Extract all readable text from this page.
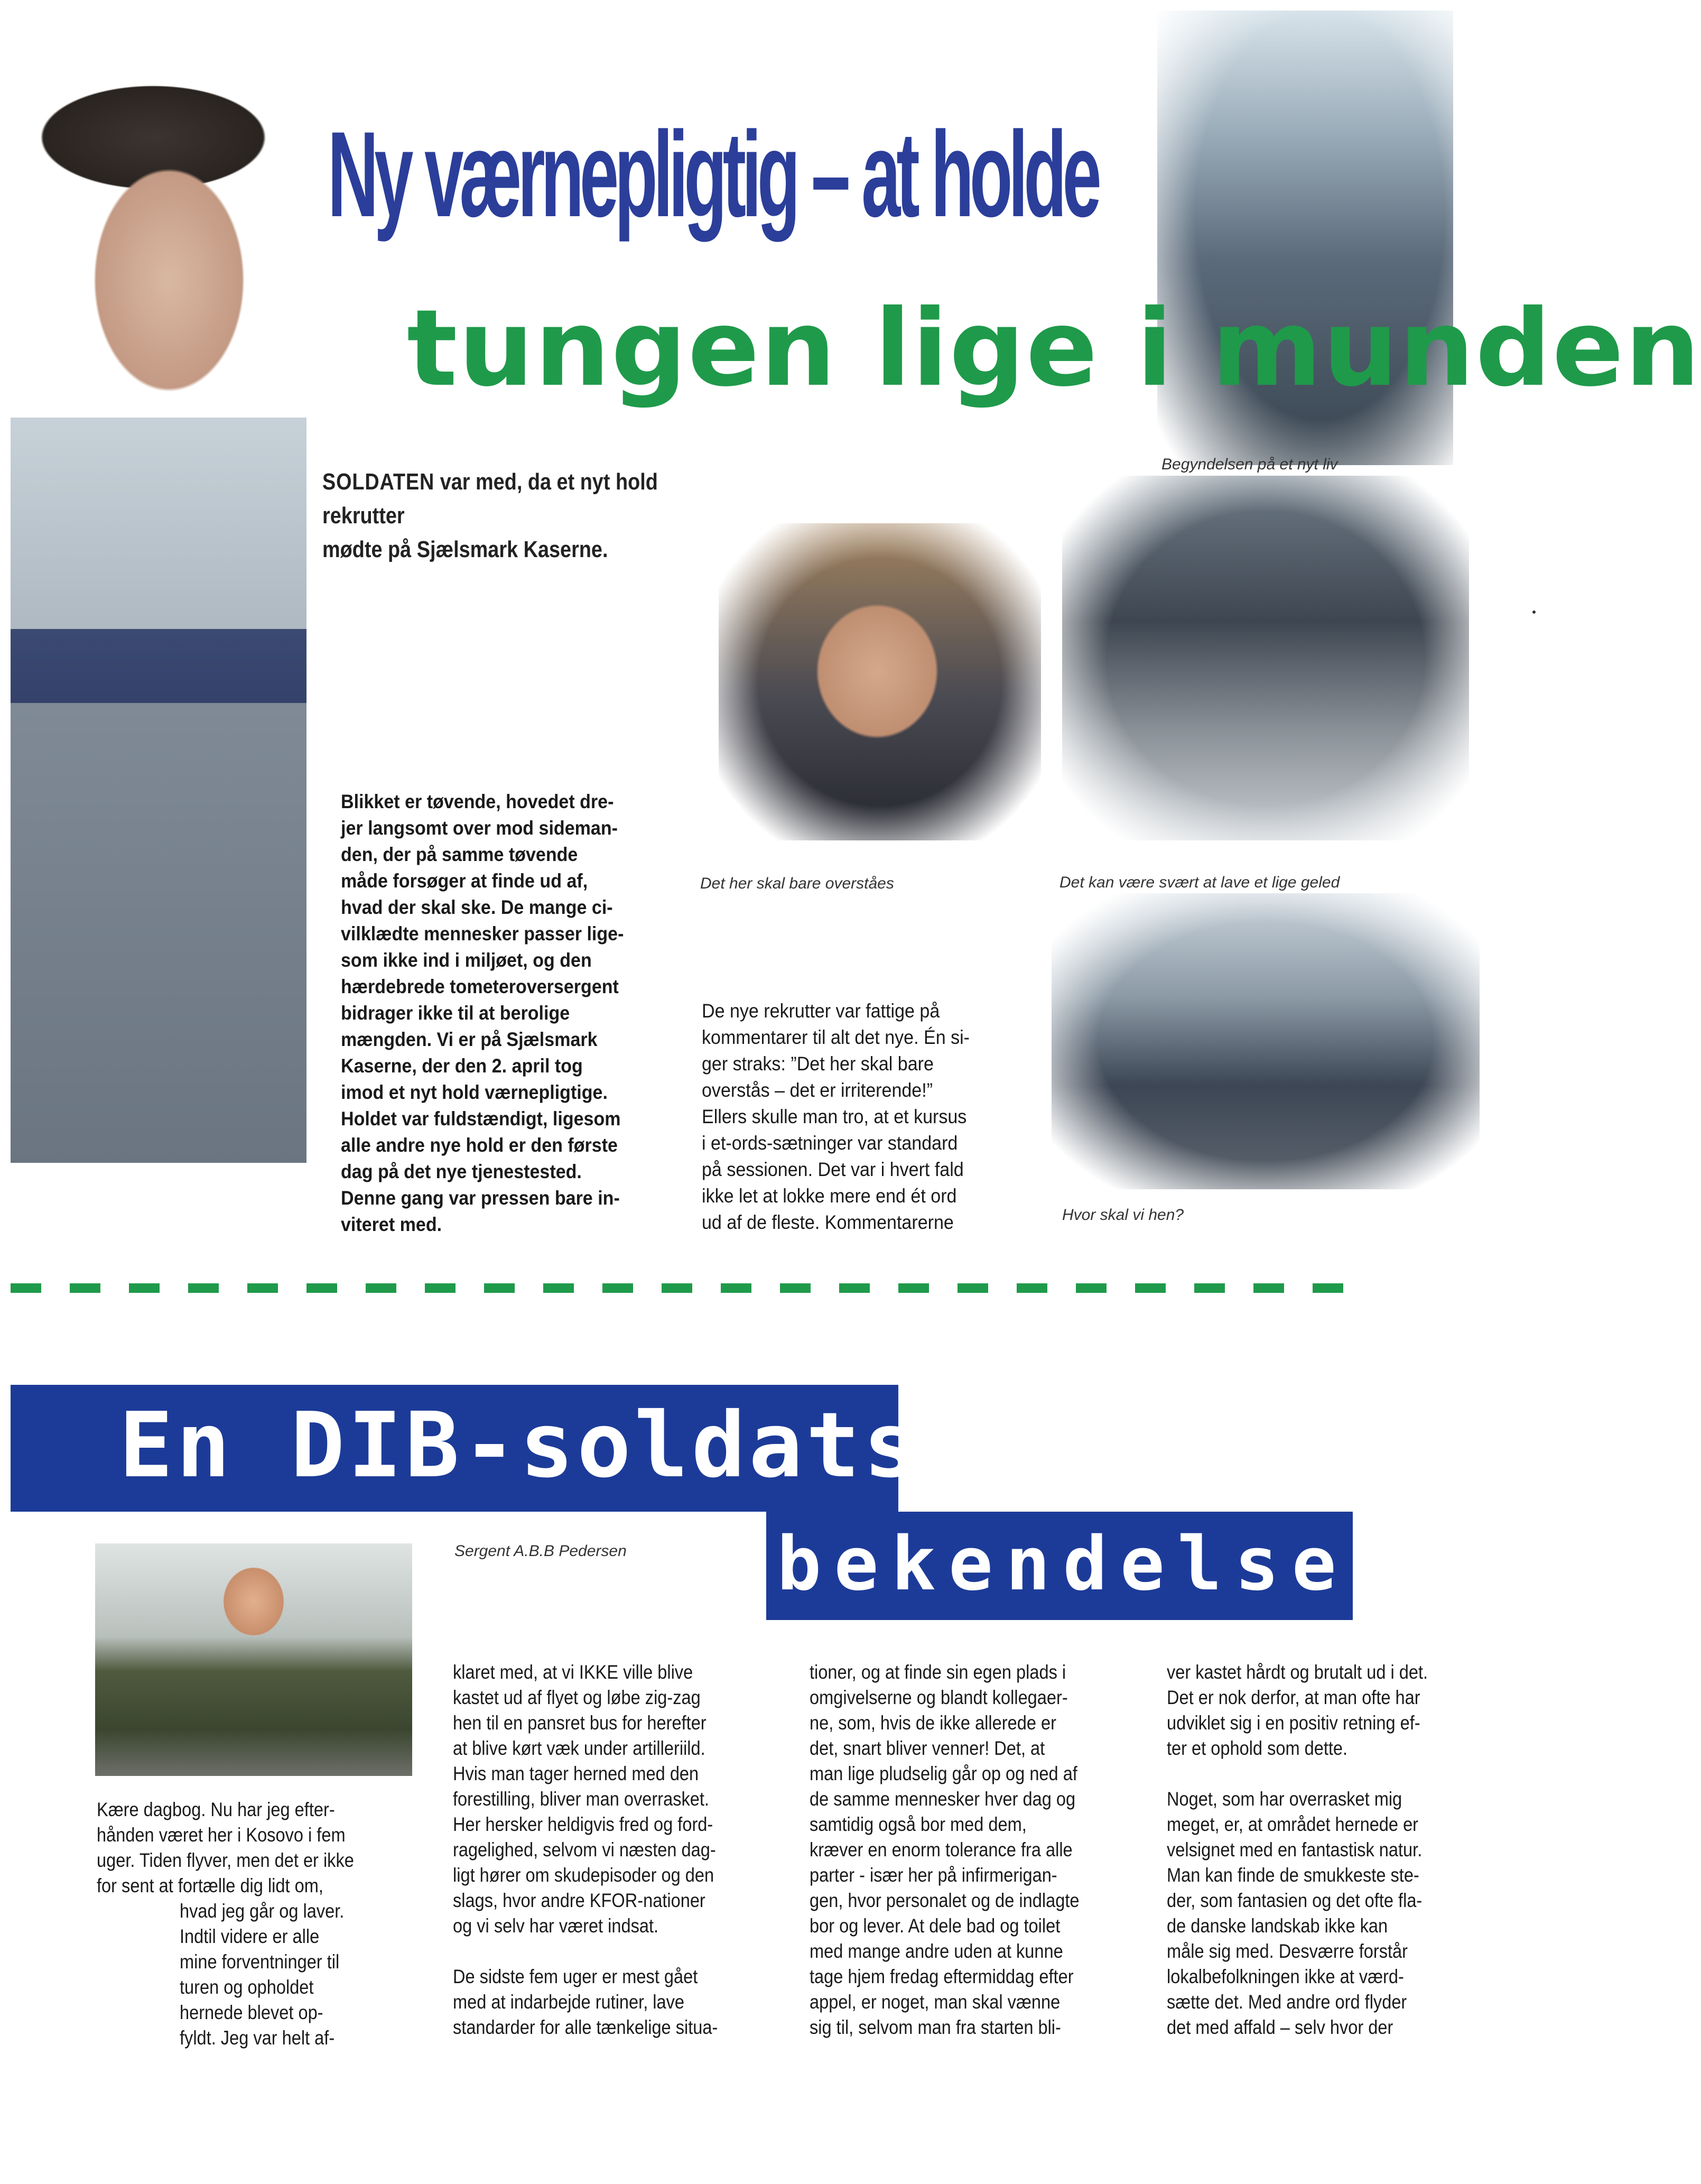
Ny værnepligtig – at holde
tungen lige i munden
SOLDATEN var med, da et nyt hold rekrutter
mødte på Sjælsmark Kaserne.
Begyndelsen på et nyt liv
Det her skal bare overståes	Det kan være svært at lave et lige geled
Hvor skal vi hen?
Blikket er tøvende, hovedet dre-
jer langsomt over mod sideman-
den, der på samme tøvende
måde forsøger at finde ud af,
hvad der skal ske. De mange ci-
vilklædte mennesker passer lige-
som ikke ind i miljøet, og den
hærdebrede tometeroversergent
bidrager ikke til at berolige
mængden. Vi er på Sjælsmark
Kaserne, der den 2. april tog
imod et nyt hold værnepligtige.
Holdet var fuldstændigt, ligesom
alle andre nye hold er den første
dag på det nye tjenestested.
Denne gang var pressen bare in-
viteret med.
De nye rekrutter var fattige på
kommentarer til alt det nye. Én si-
ger straks: ”Det her skal bare
overstås – det er irriterende!”
Ellers skulle man tro, at et kursus
i et-ords-sætninger var standard
på sessionen. Det var i hvert fald
ikke let at lokke mere end ét ord
ud af de fleste. Kommentarerne
En DIB-soldats
bekendelser
Sergent A.B.B Pedersen
Kære dagbog. Nu har jeg efter-
hånden været her i Kosovo i fem
uger. Tiden flyver, men det er ikke
for sent at fortælle dig lidt om,
hvad jeg går og laver.
Indtil videre er alle
mine forventninger til
turen og opholdet
hernede blevet op-
fyldt. Jeg var helt af-
klaret med, at vi IKKE ville blive
kastet ud af flyet og løbe zig-zag
hen til en pansret bus for herefter
at blive kørt væk under artilleriild.
Hvis man tager herned med den
forestilling, bliver man overrasket.
Her hersker heldigvis fred og ford-
ragelighed, selvom vi næsten dag-
ligt hører om skudepisoder og den
slags, hvor andre KFOR-nationer
og vi selv har været indsat.

De sidste fem uger er mest gået
med at indarbejde rutiner, lave
standarder for alle tænkelige situa-
tioner, og at finde sin egen plads i
omgivelserne og blandt kollegaer-
ne, som, hvis de ikke allerede er
det, snart bliver venner! Det, at
man lige pludselig går op og ned af
de samme mennesker hver dag og
samtidig også bor med dem,
kræver en enorm tolerance fra alle
parter - især her på infirmerigan-
gen, hvor personalet og de indlagte
bor og lever. At dele bad og toilet
med mange andre uden at kunne
tage hjem fredag eftermiddag efter
appel, er noget, man skal vænne
sig til, selvom man fra starten bli-
ver kastet hårdt og brutalt ud i det.
Det er nok derfor, at man ofte har
udviklet sig i en positiv retning ef-
ter et ophold som dette.

Noget, som har overrasket mig
meget, er, at området hernede er
velsignet med en fantastisk natur.
Man kan finde de smukkeste ste-
der, som fantasien og det ofte fla-
de danske landskab ikke kan
måle sig med. Desværre forstår
lokalbefolkningen ikke at værd-
sætte det. Med andre ord flyder
det med affald – selv hvor der
